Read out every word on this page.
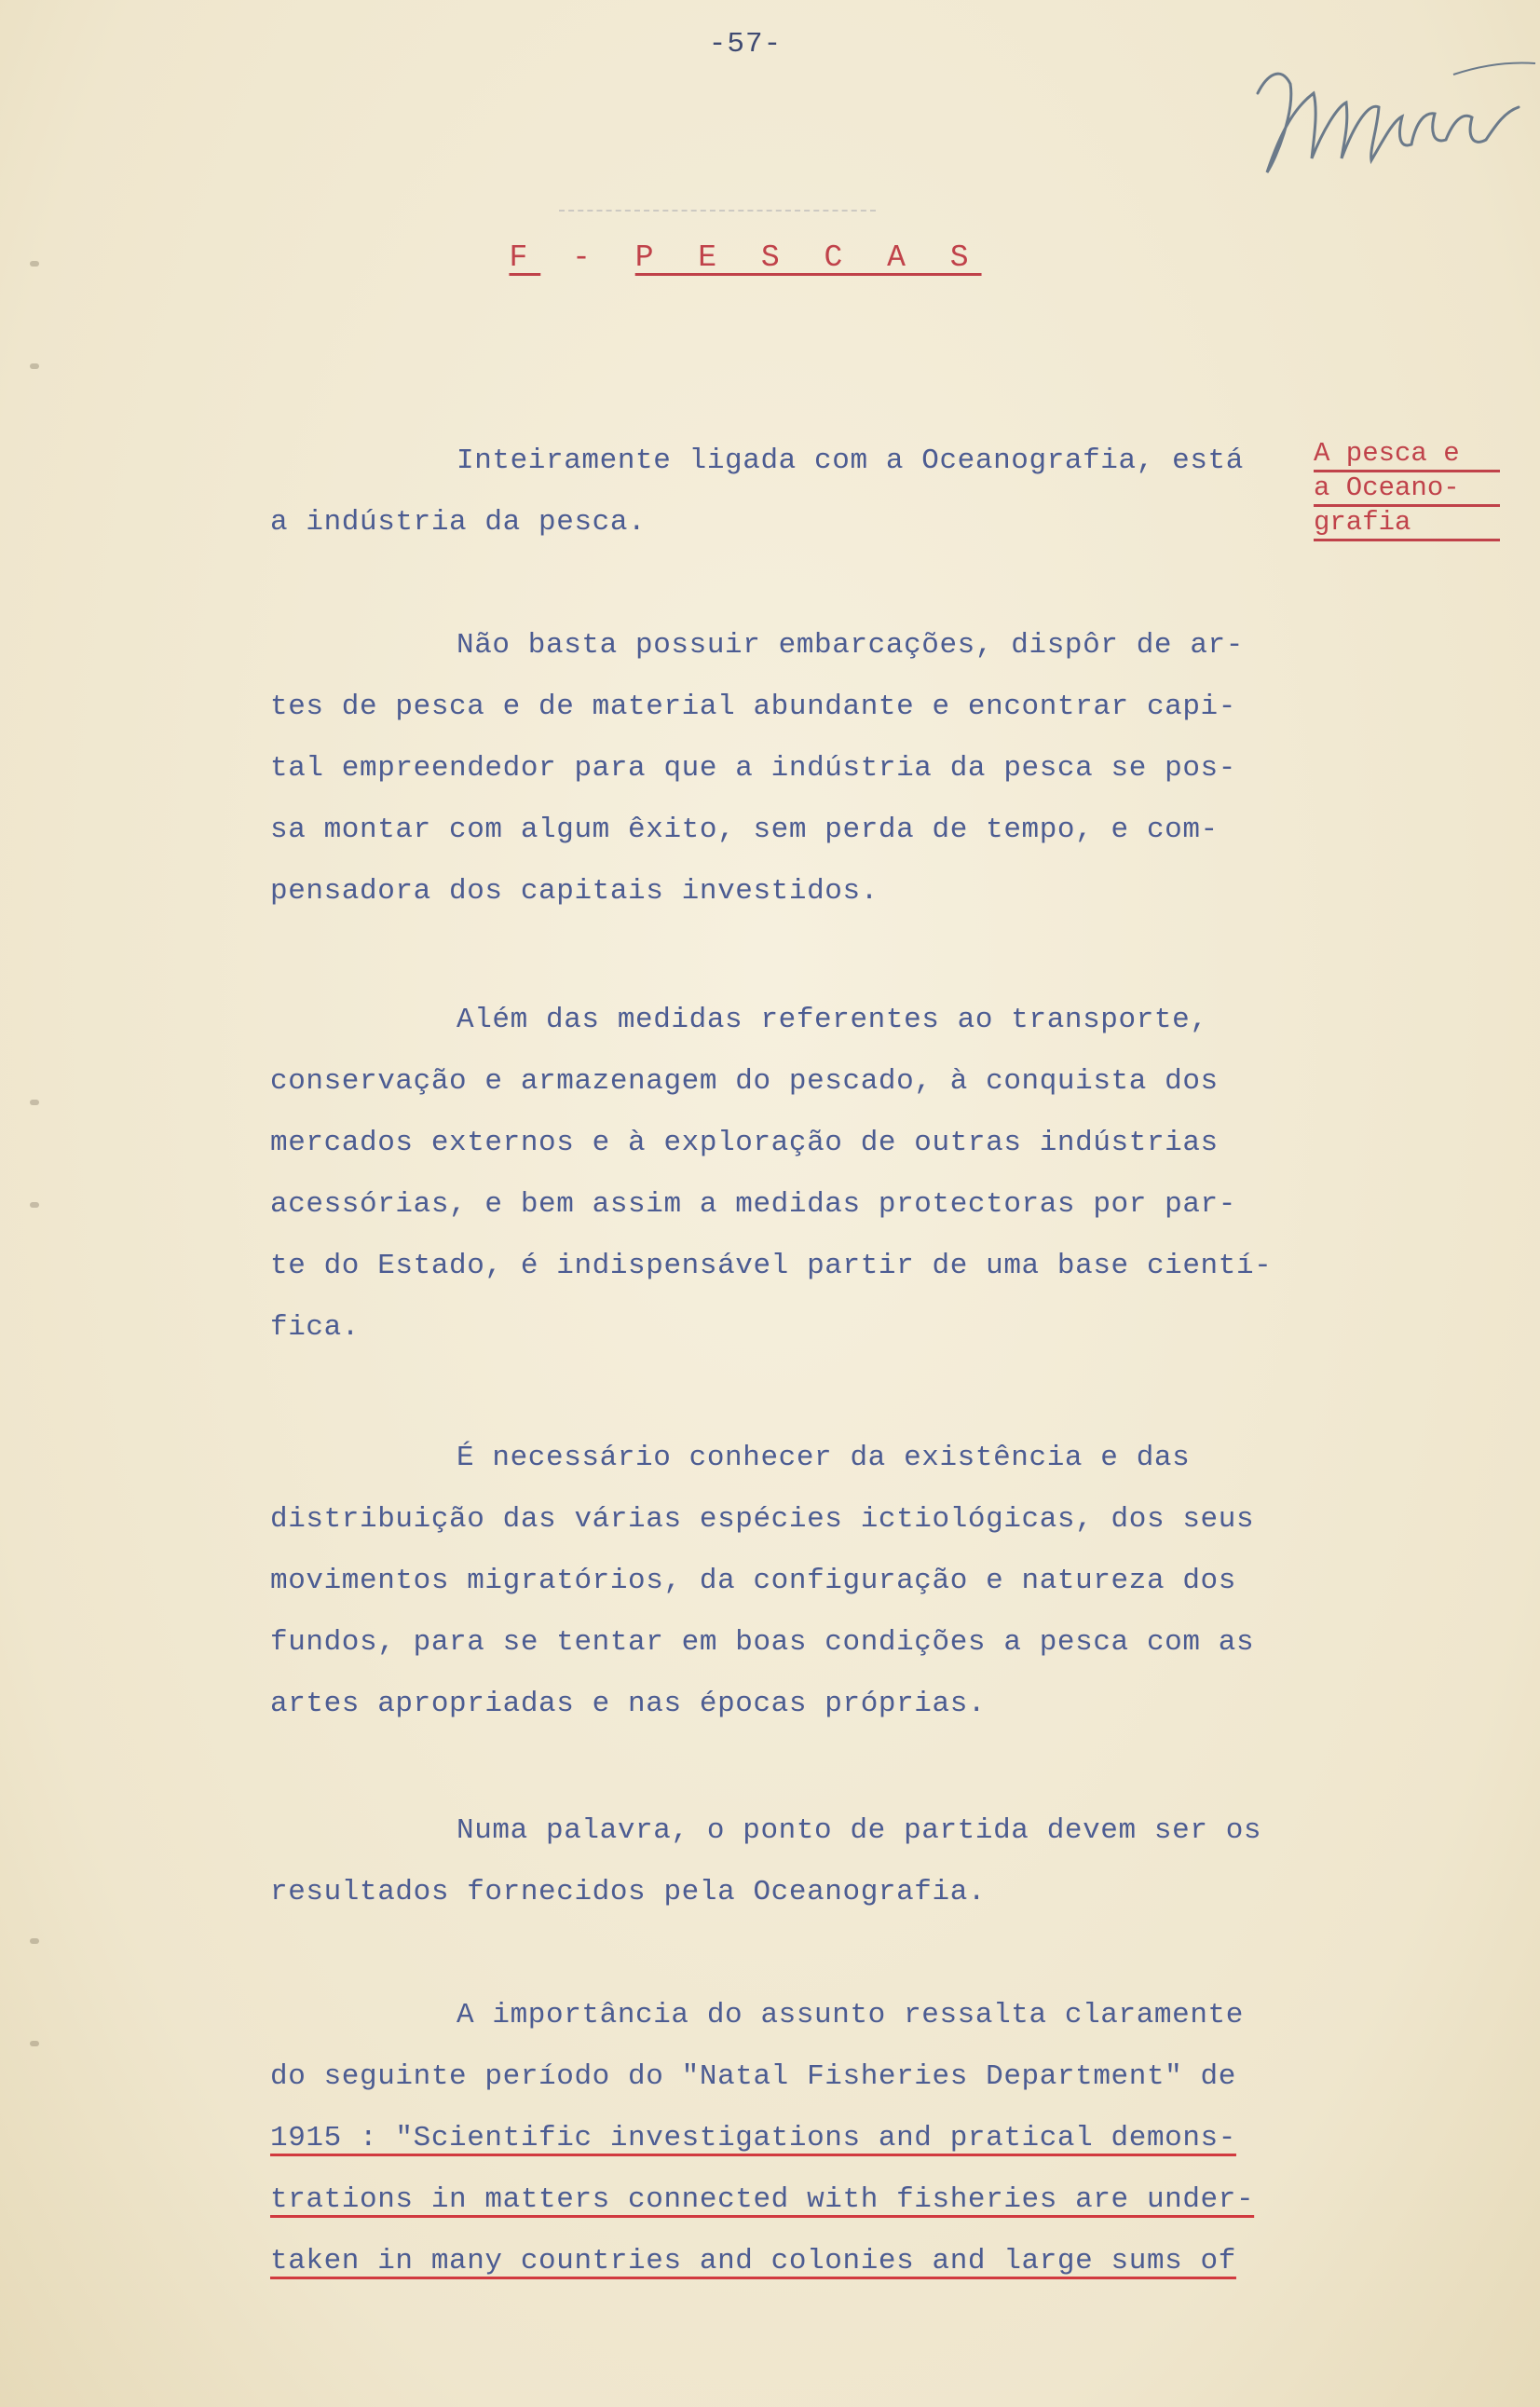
-57-
F - P E S C A S
A pesca e
a Oceano-
grafia
Inteiramente ligada com a Oceanografia, está
a indústria da pesca.
Não basta possuir embarcações, dispôr de ar-
tes de pesca e de material abundante e encontrar capi-
tal empreendedor para que a indústria da pesca se pos-
sa montar com algum êxito, sem perda de tempo, e com-
pensadora dos capitais investidos.
Além das medidas referentes ao transporte,
conservação e armazenagem do pescado, à conquista dos
mercados externos e à exploração de outras indústrias
acessórias, e bem assim a medidas protectoras por par-
te do Estado, é indispensável partir de uma base cientí-
fica.
É necessário conhecer da existência e das
distribuição das várias espécies ictiológicas, dos seus
movimentos migratórios, da configuração e natureza dos
fundos, para se tentar em boas condições a pesca com as
artes apropriadas e nas épocas próprias.
Numa palavra, o ponto de partida devem ser os
resultados fornecidos pela Oceanografia.
A importância do assunto ressalta claramente
do seguinte período do "Natal Fisheries Department" de
1915 : "Scientific investigations and pratical demons-
trations in matters connected with fisheries are under-
taken in many countries and colonies and large sums of
